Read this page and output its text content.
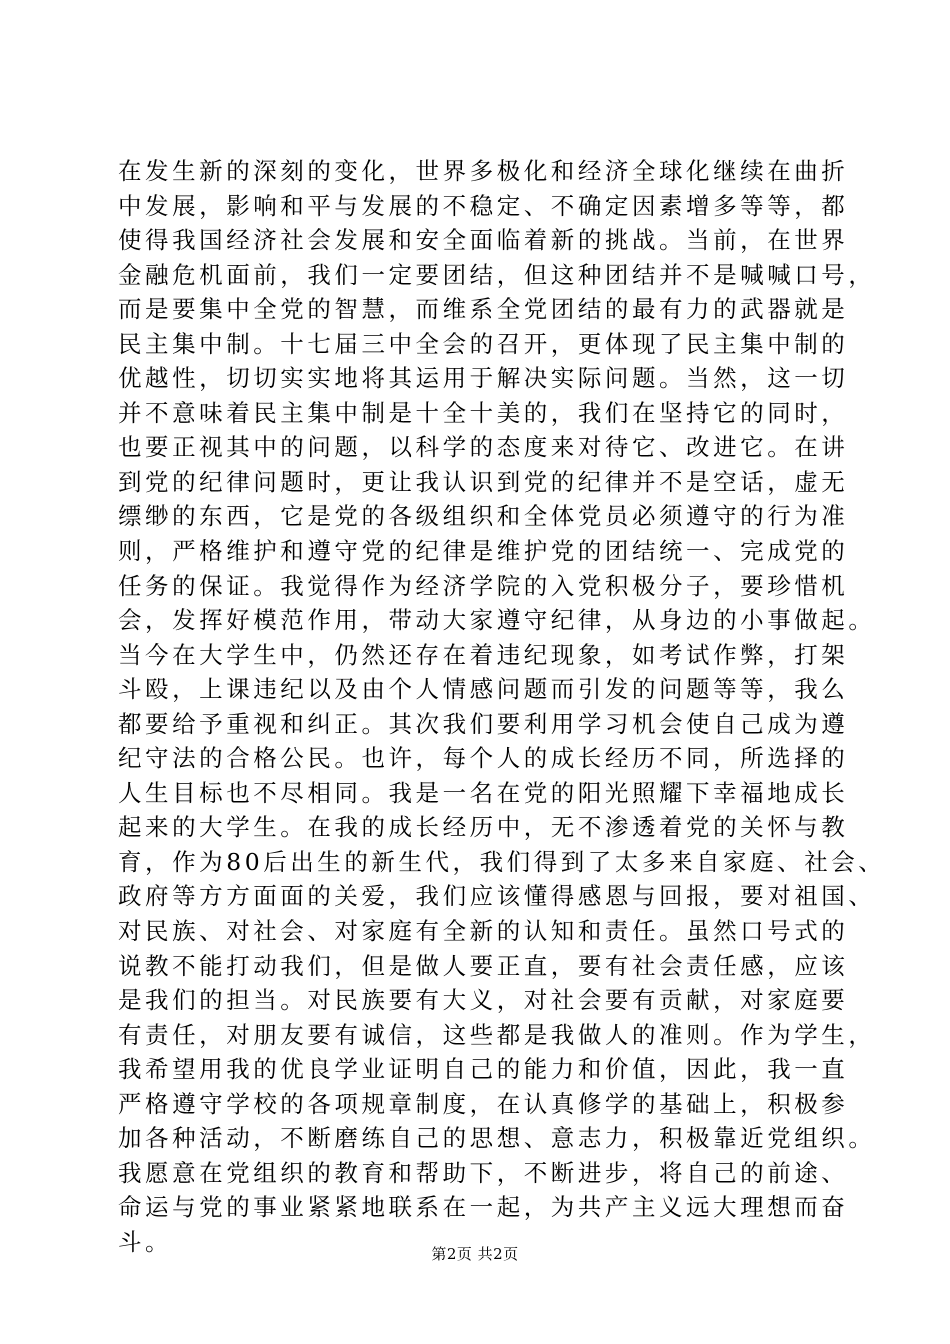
在发生新的深刻的变化，世界多极化和经济全球化继续在曲折
中发展，影响和平与发展的不稳定、不确定因素增多等等，都
使得我国经济社会发展和安全面临着新的挑战。当前，在世界
金融危机面前，我们一定要团结，但这种团结并不是喊喊口号，
而是要集中全党的智慧，而维系全党团结的最有力的武器就是
民主集中制。十七届三中全会的召开，更体现了民主集中制的
优越性，切切实实地将其运用于解决实际问题。当然，这一切
并不意味着民主集中制是十全十美的，我们在坚持它的同时，
也要正视其中的问题，以科学的态度来对待它、改进它。在讲
到党的纪律问题时，更让我认识到党的纪律并不是空话，虚无
缥缈的东西，它是党的各级组织和全体党员必须遵守的行为准
则，严格维护和遵守党的纪律是维护党的团结统一、完成党的
任务的保证。我觉得作为经济学院的入党积极分子，要珍惜机
会，发挥好模范作用，带动大家遵守纪律，从身边的小事做起。
当今在大学生中，仍然还存在着违纪现象，如考试作弊，打架
斗殴，上课违纪以及由个人情感问题而引发的问题等等，我么
都要给予重视和纠正。其次我们要利用学习机会使自己成为遵
纪守法的合格公民。也许，每个人的成长经历不同，所选择的
人生目标也不尽相同。我是一名在党的阳光照耀下幸福地成长
起来的大学生。在我的成长经历中，无不渗透着党的关怀与教
育，作为80后出生的新生代，我们得到了太多来自家庭、社会、
政府等方方面面的关爱，我们应该懂得感恩与回报，要对祖国、
对民族、对社会、对家庭有全新的认知和责任。虽然口号式的
说教不能打动我们，但是做人要正直，要有社会责任感，应该
是我们的担当。对民族要有大义，对社会要有贡献，对家庭要
有责任，对朋友要有诚信，这些都是我做人的准则。作为学生，
我希望用我的优良学业证明自己的能力和价值，因此，我一直
严格遵守学校的各项规章制度，在认真修学的基础上，积极参
加各种活动，不断磨练自己的思想、意志力，积极靠近党组织。
我愿意在党组织的教育和帮助下，不断进步，将自己的前途、
命运与党的事业紧紧地联系在一起，为共产主义远大理想而奋
斗。	第2页 共2页
